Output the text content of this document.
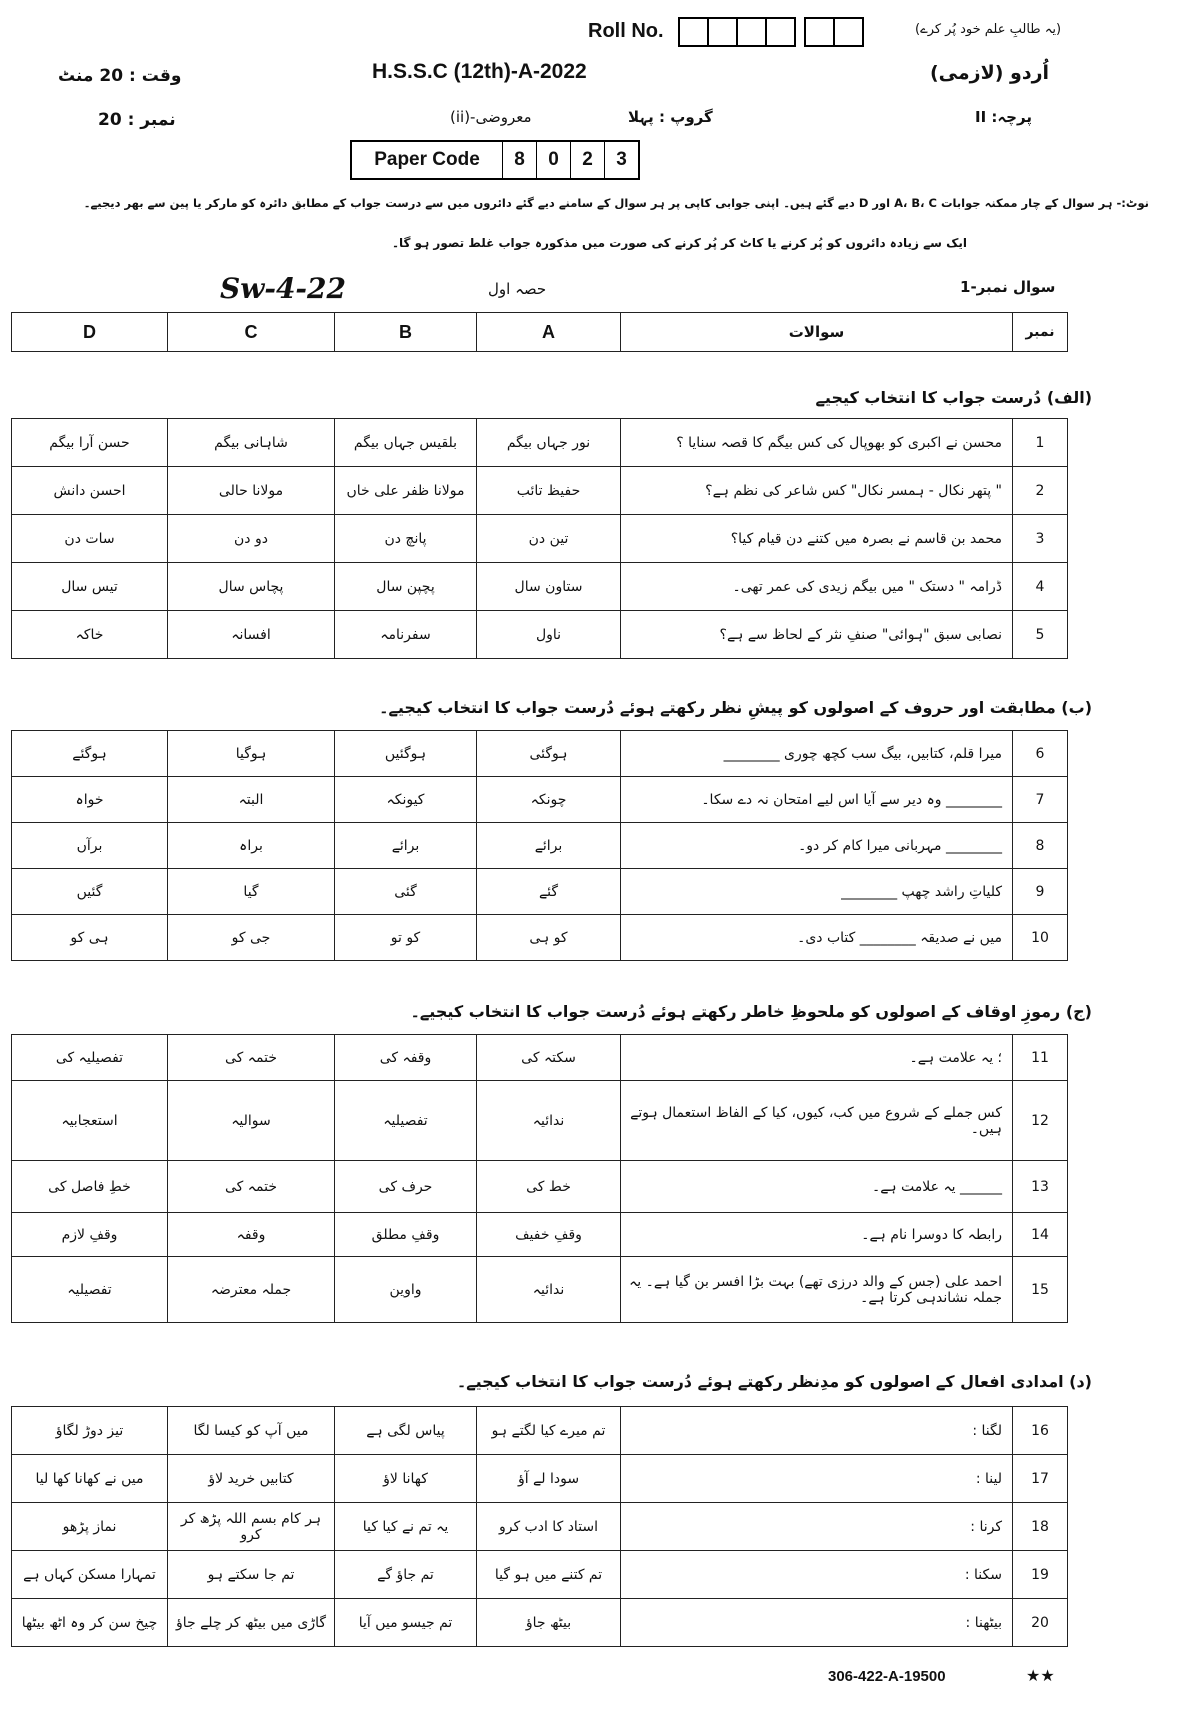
Roll No.	(یہ طالبِ علم خود پُر کرے)
وقت : 20 منٹ	H.S.S.C (12th)-A-2022	اُردو (لازمی)
نمبر : 20	معروضی-(ii)	گروپ : پہلا	پرچہ: II
Paper Code	8	0	2	3
نوٹ:- ہر سوال کے چار ممکنہ جوابات A، B، C اور D دیے گئے ہیں۔ اپنی جوابی کاپی پر ہر سوال کے سامنے دیے گئے دائروں میں سے درست جواب کے مطابق دائرہ کو مارکر یا پین سے بھر دیجیے۔
ایک سے زیادہ دائروں کو پُر کرنے یا کاٹ کر پُر کرنے کی صورت میں مذکورہ جواب غلط تصور ہو گا۔
سوال نمبر-1
حصہ اول
Sw-4-22
D	C	B	A	سوالات	نمبر
(الف) دُرست جواب کا انتخاب کیجیے
حسن آرا بیگم	شاہانی بیگم	بلقیس جہاں بیگم	نور جہاں بیگم	محسن نے اکبری کو بھوپال کی کس بیگم کا قصہ سنایا ؟	1
احسن دانش	مولانا حالی	مولانا ظفر علی خاں	حفیظ تائب	" پتھر نکال - ہمسر نکال" کس شاعر کی نظم ہے؟	2
سات دن	دو دن	پانچ دن	تین دن	محمد بن قاسم نے بصرہ میں کتنے دن قیام کیا؟	3
تیس سال	پچاس سال	پچپن سال	ستاون سال	ڈرامہ " دستک " میں بیگم زیدی کی عمر تھی۔	4
خاکہ	افسانہ	سفرنامہ	ناول	نصابی سبق "ہوائی" صنفِ نثر کے لحاظ سے ہے؟	5
(ب) مطابقت اور حروف کے اصولوں کو پیشِ نظر رکھتے ہوئے دُرست جواب کا انتخاب کیجیے۔
ہوگئے	ہوگیا	ہوگئیں	ہوگئی	میرا قلم، کتابیں، بیگ سب کچھ چوری ________	6
خواہ	البتہ	کیونکہ	چونکہ	________ وہ دیر سے آیا اس لیے امتحان نہ دے سکا۔	7
برآں	براہ	برائے	برائے	________ مہربانی میرا کام کر دو۔	8
گئیں	گیا	گئی	گئے	کلیاتِ راشد چھپ ________	9
ہی کو	جی کو	کو تو	کو ہی	میں نے صدیقہ ________ کتاب دی۔	10
(ج) رموزِ اوقاف کے اصولوں کو ملحوظِ خاطر رکھتے ہوئے دُرست جواب کا انتخاب کیجیے۔
تفصیلیہ کی	ختمہ کی	وقفہ کی	سکتہ کی	؛ یہ علامت ہے۔	11
استعجابیہ	سوالیہ	تفصیلیہ	ندائیہ	کس جملے کے شروع میں کب، کیوں، کیا کے الفاظ استعمال ہوتے ہیں۔	12
خطِ فاصل کی	ختمہ کی	حرف کی	خط کی	______ یہ علامت ہے۔	13
وقفِ لازم	وقفہ	وقفِ مطلق	وقفِ خفیف	رابطہ کا دوسرا نام ہے۔	14
تفصیلیہ	جملہ معترضہ	واوین	ندائیہ	احمد علی (جس کے والد درزی تھے) بہت بڑا افسر بن گیا ہے۔ یہ جملہ نشاندہی کرتا ہے۔	15
(د) امدادی افعال کے اصولوں کو مدِنظر رکھتے ہوئے دُرست جواب کا انتخاب کیجیے۔
تیز دوڑ لگاؤ	میں آپ کو کیسا لگا	پیاس لگی ہے	تم میرے کیا لگتے ہو	لگنا :	16
میں نے کھانا کھا لیا	کتابیں خرید لاؤ	کھانا لاؤ	سودا لے آؤ	لینا :	17
نماز پڑھو	ہر کام بسم اللہ پڑھ کر کرو	یہ تم نے کیا کیا	استاد کا ادب کرو	کرنا :	18
تمہارا مسکن کہاں ہے	تم جا سکتے ہو	تم جاؤ گے	تم کتنے میں ہو گیا	سکنا :	19
چیخ سن کر وہ اٹھ بیٹھا	گاڑی میں بیٹھ کر چلے جاؤ	تم جیسو میں آیا	بیٹھ جاؤ	بیٹھنا :	20
306-422-A-19500	★★
